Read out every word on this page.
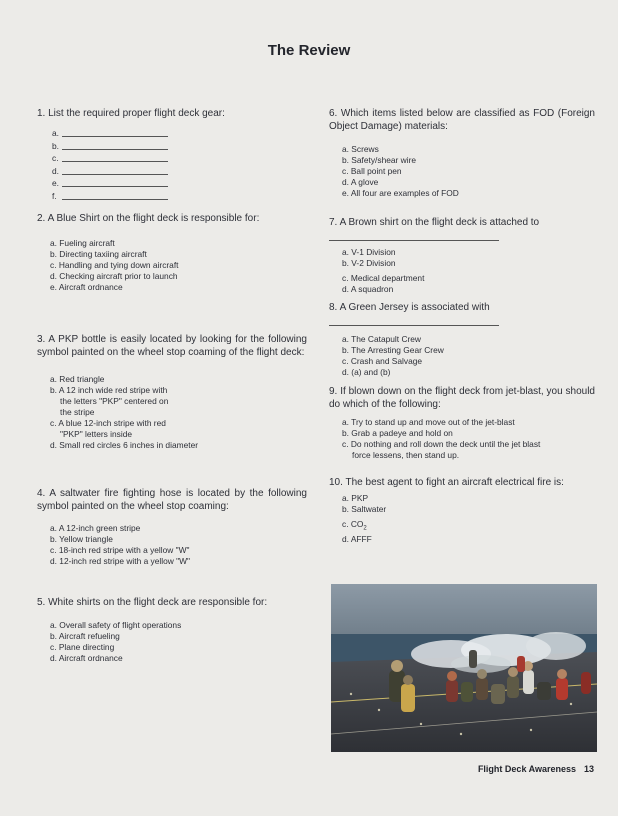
The Review

1. List the required proper flight deck gear:

a.
b.
c.
d.
e.
f.

2. A Blue Shirt on the flight deck is responsible for:

a. Fueling aircraft
b. Directing taxiing aircraft
c. Handling and tying down aircraft
d. Checking aircraft prior to launch
e. Aircraft ordnance

3. A PKP bottle is easily located by looking for the following symbol painted on the wheel stop coaming of the flight deck:

a. Red triangle
b. A 12 inch wide red stripe with
the letters "PKP" centered on
the stripe
c. A blue 12-inch stripe with red
"PKP" letters inside
d. Small red circles 6 inches in diameter

4. A saltwater fire fighting hose is located by the following symbol painted on the wheel stop coaming:

a. A 12-inch green stripe
b. Yellow triangle
c. 18-inch red stripe with a yellow "W"
d. 12-inch red stripe with a yellow "W"

5. White shirts on the flight deck are responsible for:

a. Overall safety of flight operations
b. Aircraft refueling
c. Plane directing
d. Aircraft ordnance

6. Which items listed below are classified as FOD (Foreign Object Damage) materials:

a. Screws
b. Safety/shear wire
c. Ball point pen
d. A glove
e. All four are examples of FOD

7. A Brown shirt on the flight deck is attached to

a. V-1 Division
b. V-2 Division
c. Medical department
d. A squadron

8. A Green Jersey is associated with

a. The Catapult Crew
b. The Arresting Gear Crew
c. Crash and Salvage
d. (a) and (b)

9. If blown down on the flight deck from jet-blast, you should do which of the following:

a. Try to stand up and move out of the jet-blast
b. Grab a padeye and hold on
c. Do nothing and roll down the deck until the jet blast
force lessens, then stand up.

10. The best agent to fight an aircraft electrical fire is:

a. PKP
b. Saltwater
c. $CO_2$
d. AFFF
Flight Deck Awareness 13
